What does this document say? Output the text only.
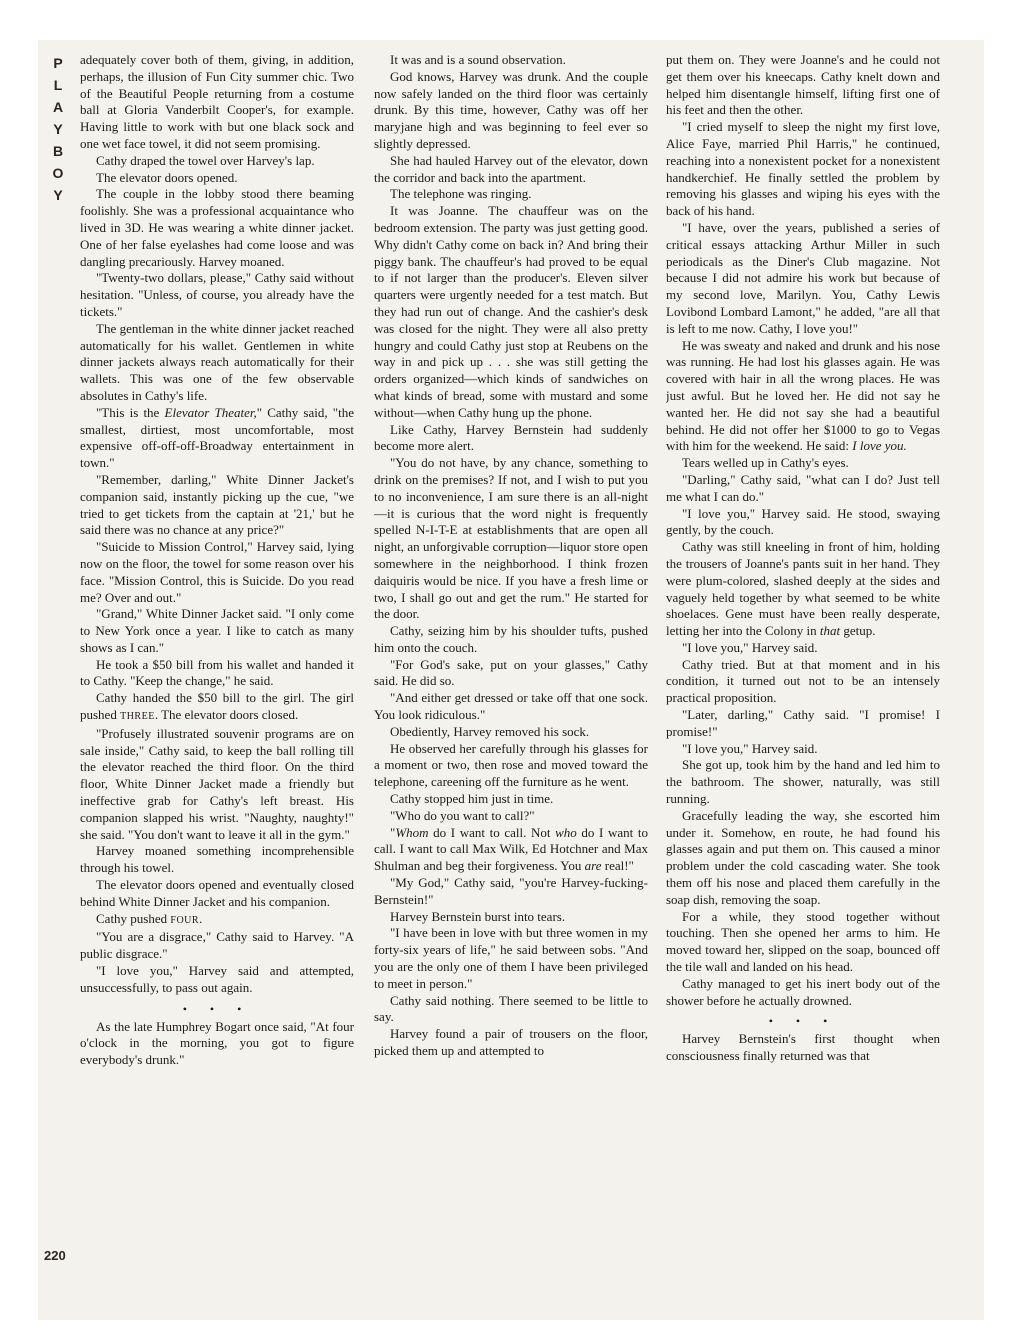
P
L
A
Y
B
O
Y
220

adequately cover both of them, giving, in addition, perhaps, the illusion of Fun City summer chic. Two of the Beautiful People returning from a costume ball at Gloria Vanderbilt Cooper's, for example. Having little to work with but one black sock and one wet face towel, it did not seem promising.

Cathy draped the towel over Harvey's lap.

The elevator doors opened.

The couple in the lobby stood there beaming foolishly. She was a professional acquaintance who lived in 3D. He was wearing a white dinner jacket. One of her false eyelashes had come loose and was dangling precariously. Harvey moaned.

"Twenty-two dollars, please," Cathy said without hesitation. "Unless, of course, you already have the tickets."

The gentleman in the white dinner jacket reached automatically for his wallet. Gentlemen in white dinner jackets always reach automatically for their wallets. This was one of the few observable absolutes in Cathy's life.

"This is the Elevator Theater," Cathy said, "the smallest, dirtiest, most uncomfortable, most expensive off-off-off-Broadway entertainment in town."

"Remember, darling," White Dinner Jacket's companion said, instantly picking up the cue, "we tried to get tickets from the captain at '21,' but he said there was no chance at any price?"

"Suicide to Mission Control," Harvey said, lying now on the floor, the towel for some reason over his face. "Mission Control, this is Suicide. Do you read me? Over and out."

"Grand," White Dinner Jacket said. "I only come to New York once a year. I like to catch as many shows as I can."

He took a $50 bill from his wallet and handed it to Cathy. "Keep the change," he said.

Cathy handed the $50 bill to the girl. The girl pushed THREE. The elevator doors closed.

"Profusely illustrated souvenir programs are on sale inside," Cathy said, to keep the ball rolling till the elevator reached the third floor. On the third floor, White Dinner Jacket made a friendly but ineffective grab for Cathy's left breast. His companion slapped his wrist. "Naughty, naughty!" she said. "You don't want to leave it all in the gym."

Harvey moaned something incomprehensible through his towel.

The elevator doors opened and eventually closed behind White Dinner Jacket and his companion.

Cathy pushed FOUR.

"You are a disgrace," Cathy said to Harvey. "A public disgrace."

"I love you," Harvey said and attempted, unsuccessfully, to pass out again.

• • •

As the late Humphrey Bogart once said, "At four o'clock in the morning, you got to figure everybody's drunk."

It was and is a sound observation.

God knows, Harvey was drunk. And the couple now safely landed on the third floor was certainly drunk. By this time, however, Cathy was off her maryjane high and was beginning to feel ever so slightly depressed.

She had hauled Harvey out of the elevator, down the corridor and back into the apartment.

The telephone was ringing.

It was Joanne. The chauffeur was on the bedroom extension. The party was just getting good. Why didn't Cathy come on back in? And bring their piggy bank. The chauffeur's had proved to be equal to if not larger than the producer's. Eleven silver quarters were urgently needed for a test match. But they had run out of change. And the cashier's desk was closed for the night. They were all also pretty hungry and could Cathy just stop at Reubens on the way in and pick up . . . she was still getting the orders organized—which kinds of sandwiches on what kinds of bread, some with mustard and some without—when Cathy hung up the phone.

Like Cathy, Harvey Bernstein had suddenly become more alert.

"You do not have, by any chance, something to drink on the premises? If not, and I wish to put you to no inconvenience, I am sure there is an all-night—it is curious that the word night is frequently spelled N-I-T-E at establishments that are open all night, an unforgivable corruption—liquor store open somewhere in the neighborhood. I think frozen daiquiris would be nice. If you have a fresh lime or two, I shall go out and get the rum." He started for the door.

Cathy, seizing him by his shoulder tufts, pushed him onto the couch.

"For God's sake, put on your glasses," Cathy said. He did so.

"And either get dressed or take off that one sock. You look ridiculous."

Obediently, Harvey removed his sock.

He observed her carefully through his glasses for a moment or two, then rose and moved toward the telephone, careening off the furniture as he went.

Cathy stopped him just in time.

"Who do you want to call?"

"Whom do I want to call. Not who do I want to call. I want to call Max Wilk, Ed Hotchner and Max Shulman and beg their forgiveness. You are real!"

"My God," Cathy said, "you're Harvey-fucking-Bernstein!"

Harvey Bernstein burst into tears.

"I have been in love with but three women in my forty-six years of life," he said between sobs. "And you are the only one of them I have been privileged to meet in person."

Cathy said nothing. There seemed to be little to say.

Harvey found a pair of trousers on the floor, picked them up and attempted to

put them on. They were Joanne's and he could not get them over his kneecaps. Cathy knelt down and helped him disentangle himself, lifting first one of his feet and then the other.

"I cried myself to sleep the night my first love, Alice Faye, married Phil Harris," he continued, reaching into a nonexistent pocket for a nonexistent handkerchief. He finally settled the problem by removing his glasses and wiping his eyes with the back of his hand.

"I have, over the years, published a series of critical essays attacking Arthur Miller in such periodicals as the Diner's Club magazine. Not because I did not admire his work but because of my second love, Marilyn. You, Cathy Lewis Lovibond Lombard Lamont," he added, "are all that is left to me now. Cathy, I love you!"

He was sweaty and naked and drunk and his nose was running. He had lost his glasses again. He was covered with hair in all the wrong places. He was just awful. But he loved her. He did not say he wanted her. He did not say she had a beautiful behind. He did not offer her $1000 to go to Vegas with him for the weekend. He said: I love you.

Tears welled up in Cathy's eyes.

"Darling," Cathy said, "what can I do? Just tell me what I can do."

"I love you," Harvey said. He stood, swaying gently, by the couch.

Cathy was still kneeling in front of him, holding the trousers of Joanne's pants suit in her hand. They were plum-colored, slashed deeply at the sides and vaguely held together by what seemed to be white shoelaces. Gene must have been really desperate, letting her into the Colony in that getup.

"I love you," Harvey said.

Cathy tried. But at that moment and in his condition, it turned out not to be an intensely practical proposition.

"Later, darling," Cathy said. "I promise! I promise!"

"I love you," Harvey said.

She got up, took him by the hand and led him to the bathroom. The shower, naturally, was still running.

Gracefully leading the way, she escorted him under it. Somehow, en route, he had found his glasses again and put them on. This caused a minor problem under the cold cascading water. She took them off his nose and placed them carefully in the soap dish, removing the soap.

For a while, they stood together without touching. Then she opened her arms to him. He moved toward her, slipped on the soap, bounced off the tile wall and landed on his head.

Cathy managed to get his inert body out of the shower before he actually drowned.

• • •

Harvey Bernstein's first thought when consciousness finally returned was that
